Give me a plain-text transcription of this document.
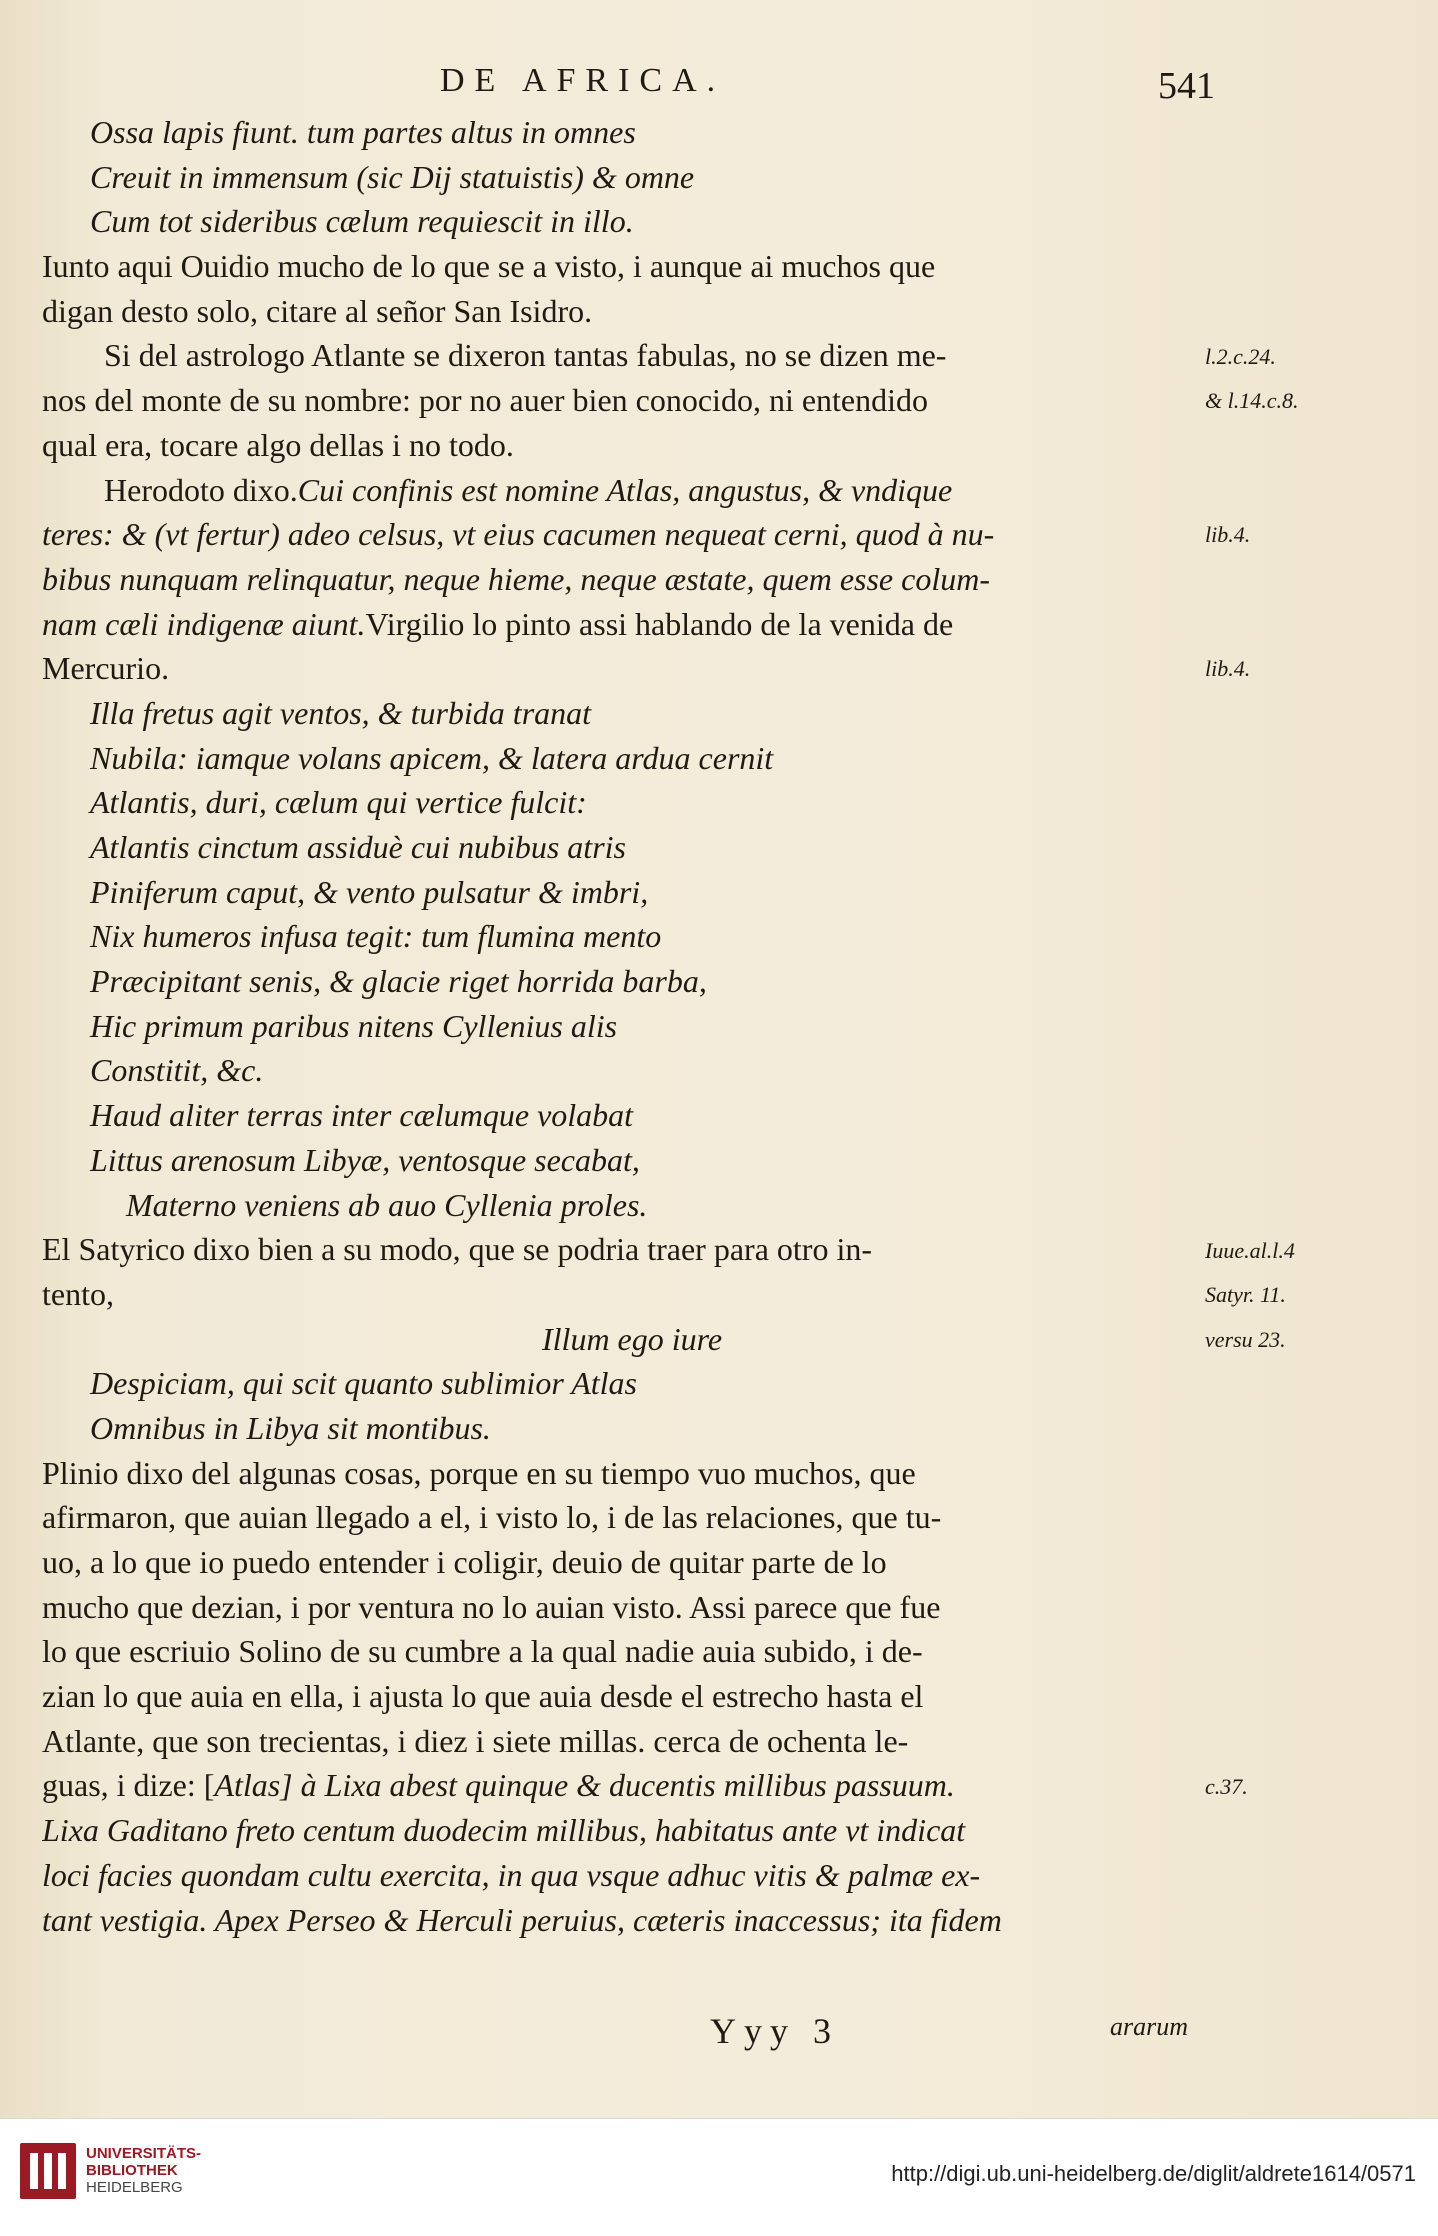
DE AFRICA.	541
Ossa lapis fiunt. tum partes altus in omnes
Creuit in immensum (sic Dij statuistis) & omne
Cum tot sideribus cælum requiescit in illo.
Iunto aqui Ouidio mucho de lo que se a visto, i aunque ai muchos que
digan desto solo, citare al señor San Isidro.
Si del astrologo Atlante se dixeron tantas fabulas, no se dizen me-
nos del monte de su nombre: por no auer bien conocido, ni entendido
qual era, tocare algo dellas i no todo.
Herodoto dixo.Cui confinis est nomine Atlas, angustus, & vndique
teres: & (vt fertur) adeo celsus, vt eius cacumen nequeat cerni, quod à nu-
bibus nunquam relinquatur, neque hieme, neque æstate, quem esse colum-
nam cæli indigenæ aiunt.Virgilio lo pinto assi hablando de la venida de
Mercurio.
Illa fretus agit ventos, & turbida tranat
Nubila: iamque volans apicem, & latera ardua cernit
Atlantis, duri, cælum qui vertice fulcit:
Atlantis cinctum assiduè cui nubibus atris
Piniferum caput, & vento pulsatur & imbri,
Nix humeros infusa tegit: tum flumina mento
Præcipitant senis, & glacie riget horrida barba,
Hic primum paribus nitens Cyllenius alis
Constitit, &c.
Haud aliter terras inter cælumque volabat
Littus arenosum Libyæ, ventosque secabat,
Materno veniens ab auo Cyllenia proles.
El Satyrico dixo bien a su modo, que se podria traer para otro in-
tento,
Illum ego iure
Despiciam, qui scit quanto sublimior Atlas
Omnibus in Libya sit montibus.
Plinio dixo del algunas cosas, porque en su tiempo vuo muchos, que
afirmaron, que auian llegado a el, i visto lo, i de las relaciones, que tu-
uo, a lo que io puedo entender i coligir, deuio de quitar parte de lo
mucho que dezian, i por ventura no lo auian visto. Assi parece que fue
lo que escriuio Solino de su cumbre a la qual nadie auia subido, i de-
zian lo que auia en ella, i ajusta lo que auia desde el estrecho hasta el
Atlante, que son trecientas, i diez i siete millas. cerca de ochenta le-
guas, i dize: [Atlas] à Lixa abest quinque & ducentis millibus passuum.
Lixa Gaditano freto centum duodecim millibus, habitatus ante vt indicat
loci facies quondam cultu exercita, in qua vsque adhuc vitis & palmæ ex-
tant vestigia. Apex Perseo & Herculi peruius, cæteris inaccessus; ita fidem
l.2.c.24.
& l.14.c.8.
lib.4.
lib.4.
Iuue.al.l.4
Satyr. 11.
versu 23.
c.37.
Yyy 3	ararum
UNIVERSITÄTS-
BIBLIOTHEK
HEIDELBERG
http://digi.ub.uni-heidelberg.de/diglit/aldrete1614/0571
